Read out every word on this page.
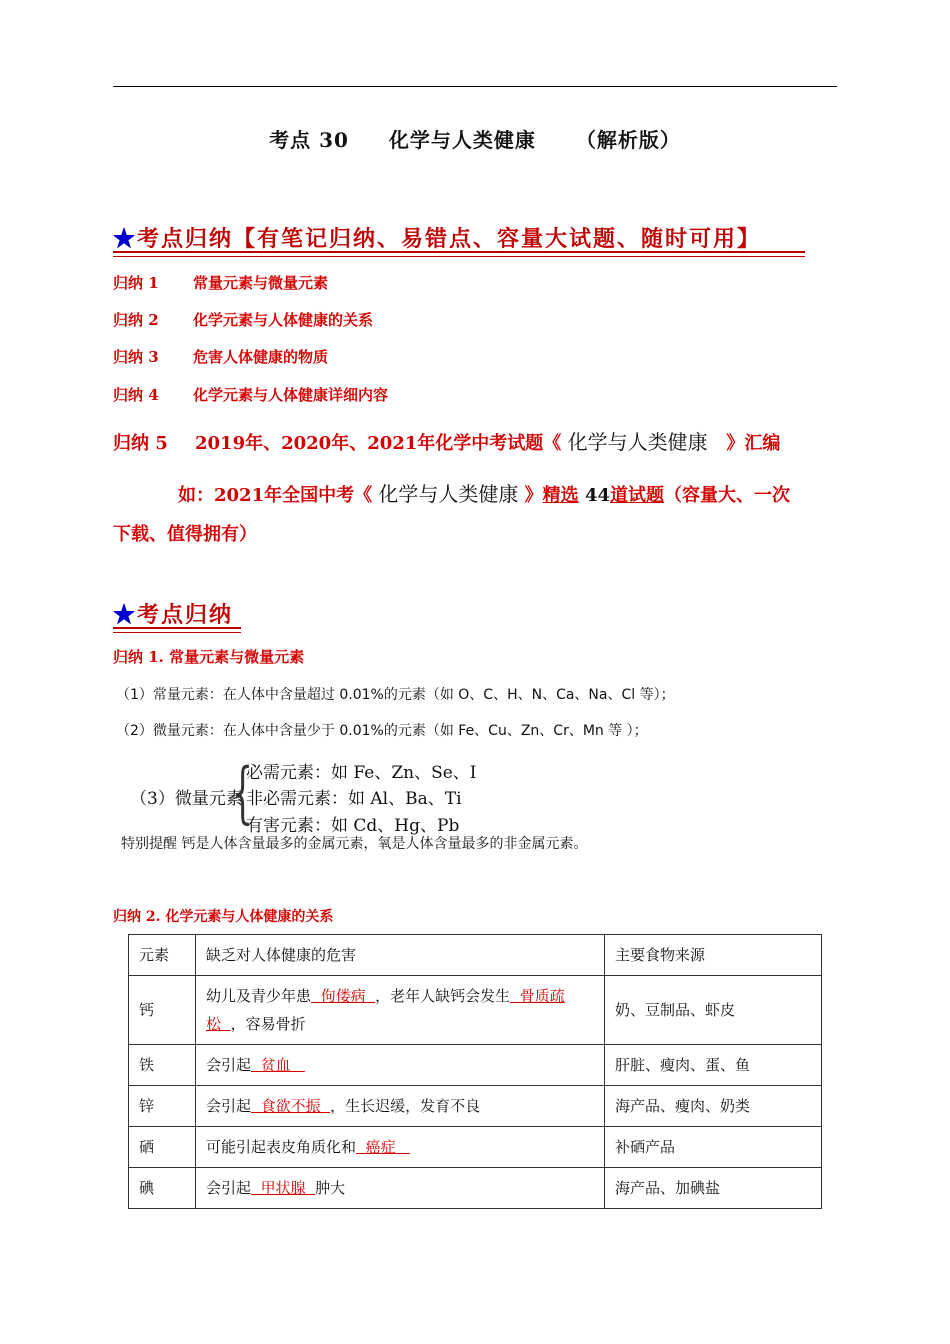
考点 30 化学与人类健康 （解析版）
★考点归纳【有笔记归纳、易错点、容量大试题、随时可用】
归纳 1 常量元素与微量元素
归纳 2 化学元素与人体健康的关系
归纳 3 危害人体健康的物质
归纳 4 化学元素与人体健康详细内容
归纳 5 2019年、2020年、2021年化学中考试题《 化学与人类健康 》汇编
如：2021年全国中考《 化学与人类健康 》精选 44道试题（容量大、一次
下载、值得拥有）
★考点归纳
归纳 1. 常量元素与微量元素
（1）常量元素：在人体中含量超过 0.01%的元素（如 O、C、H、N、Ca、Na、Cl 等）；
（2）微量元素：在人体中含量少于 0.01%的元素（如 Fe、Cu、Zn、Cr、Mn 等 ）；
（3）微量元素
{
必需元素：如 Fe、Zn、Se、I
非必需元素：如 Al、Ba、Ti
有害元素：如 Cd、Hg、Pb
特别提醒 钙是人体含量最多的金属元素，氧是人体含量最多的非金属元素。
归纳 2. 化学元素与人体健康的关系
元素	缺乏对人体健康的危害	主要食物来源
钙	幼儿及青少年患 佝偻病 ，老年人缺钙会发生 骨质疏松 ，容易骨折	奶、豆制品、虾皮
铁	会引起 贫血	肝脏、瘦肉、蛋、鱼
锌	会引起 食欲不振 ，生长迟缓，发育不良	海产品、瘦肉、奶类
硒	可能引起表皮角质化和 癌症	补硒产品
碘	会引起 甲状腺 肿大	海产品、加碘盐
